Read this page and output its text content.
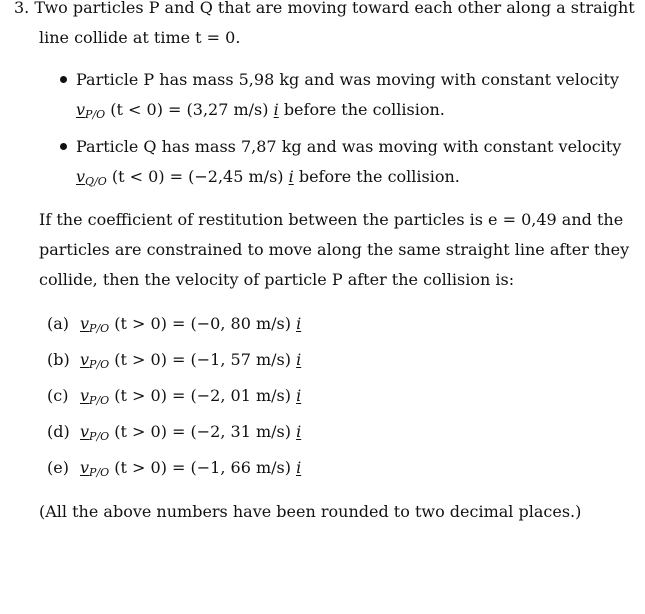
3. Two particles P and Q that are moving toward each other along a straight
line collide at time t = 0.
Particle P has mass 5,98 kg and was moving with constant velocity
$v_{P/O}$ (t < 0) = (3,27 m/s) i before the collision.
Particle Q has mass 7,87 kg and was moving with constant velocity
$v_{Q/O}$ (t < 0) = (−2,45 m/s) i before the collision.
If the coefficient of restitution between the particles is e = 0,49 and the
particles are constrained to move along the same straight line after they
collide, then the velocity of particle P after the collision is:
(a) $v_{P/O}$ (t > 0) = (−0, 80 m/s) i
(b) $v_{P/O}$ (t > 0) = (−1, 57 m/s) i
(c) $v_{P/O}$ (t > 0) = (−2, 01 m/s) i
(d) $v_{P/O}$ (t > 0) = (−2, 31 m/s) i
(e) $v_{P/O}$ (t > 0) = (−1, 66 m/s) i
(All the above numbers have been rounded to two decimal places.)
